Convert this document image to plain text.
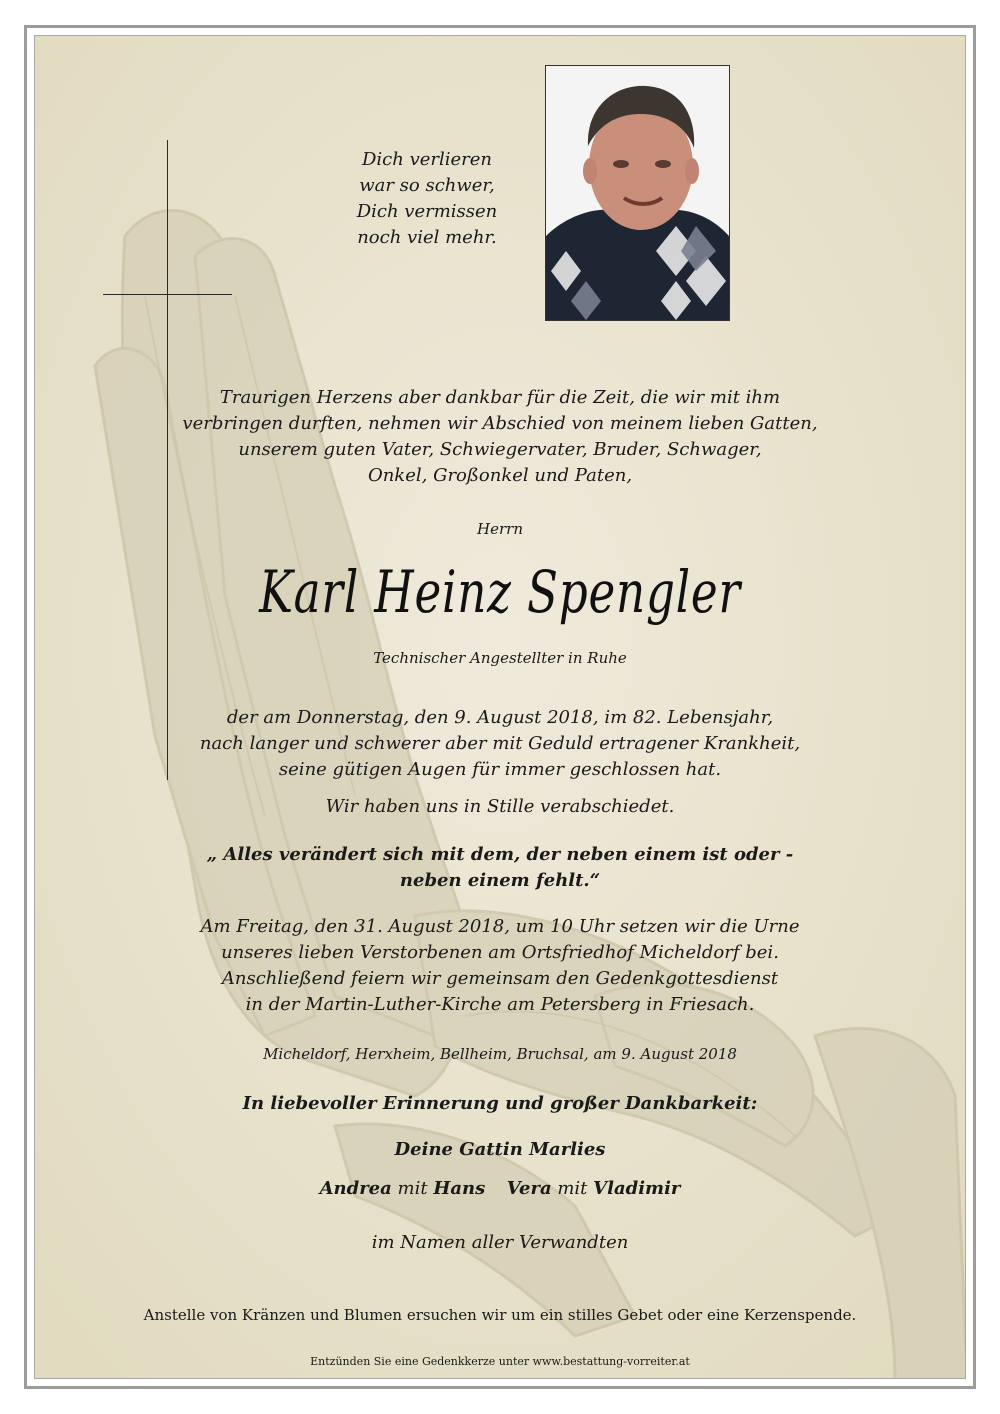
Dich verlieren
war so schwer,
Dich vermissen
noch viel mehr.
Traurigen Herzens aber dankbar für die Zeit, die wir mit ihm
verbringen durften, nehmen wir Abschied von meinem lieben Gatten,
unserem guten Vater, Schwiegervater, Bruder, Schwager,
Onkel, Großonkel und Paten,
Herrn
Karl Heinz Spengler
Technischer Angestellter in Ruhe
der am Donnerstag, den 9. August 2018, im 82. Lebensjahr,
nach langer und schwerer aber mit Geduld ertragener Krankheit,
seine gütigen Augen für immer geschlossen hat.
Wir haben uns in Stille verabschiedet.
„ Alles verändert sich mit dem, der neben einem ist oder -
neben einem fehlt.“
Am Freitag, den 31. August 2018, um 10 Uhr setzen wir die Urne
unseres lieben Verstorbenen am Ortsfriedhof Micheldorf bei.
Anschließend feiern wir gemeinsam den Gedenkgottesdienst
in der Martin-Luther-Kirche am Petersberg in Friesach.
Micheldorf, Herxheim, Bellheim, Bruchsal, am 9. August 2018
In liebevoller Erinnerung und großer Dankbarkeit:
Deine Gattin Marlies
Andrea mit Hans Vera mit Vladimir
im Namen aller Verwandten
Anstelle von Kränzen und Blumen ersuchen wir um ein stilles Gebet oder eine Kerzenspende.
Entzünden Sie eine Gedenkkerze unter www.bestattung-vorreiter.at
